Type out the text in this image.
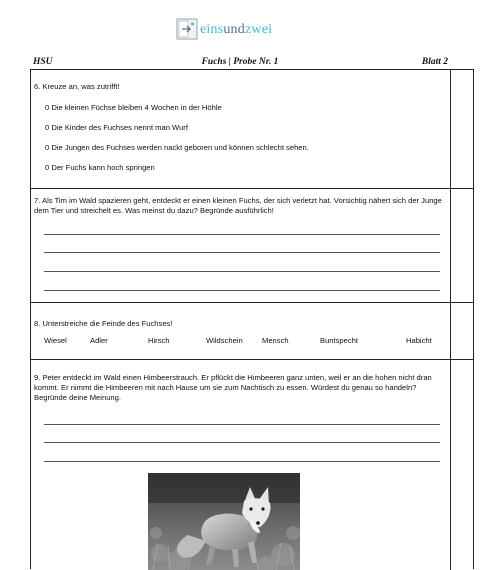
einsundzwei
HSU	Fuchs | Probe Nr. 1	Blatt 2
6. Kreuze an, was zutrifft!
0 Die kleinen Füchse bleiben 4 Wochen in der Höhle
0 Die Kinder des Fuchses nennt man Wurf
0 Die Jungen des Fuchses werden nackt geboren und können schlecht sehen.
0 Der Fuchs kann hoch springen
7. Als Tim im Wald spazieren geht, entdeckt er einen kleinen Fuchs, der sich verletzt hat. Vorsichtig nähert sich der Junge dem Tier und streichelt es. Was meinst du dazu? Begründe ausführlich!
8. Unterstreiche die Feinde des Fuchses!
Wiesel	Adler	Hirsch	Wildschein	Mensch	Buntspecht	Habicht
9. Peter entdeckt im Wald einen Himbeerstrauch. Er pflückt die Himbeeren ganz unten, weil er an die hohen nicht dran kommt. Er nimmt die Himbeeren mit nach Hause um sie zum Nachtisch zu essen. Würdest du genau so handeln? Begründe deine Meinung.
